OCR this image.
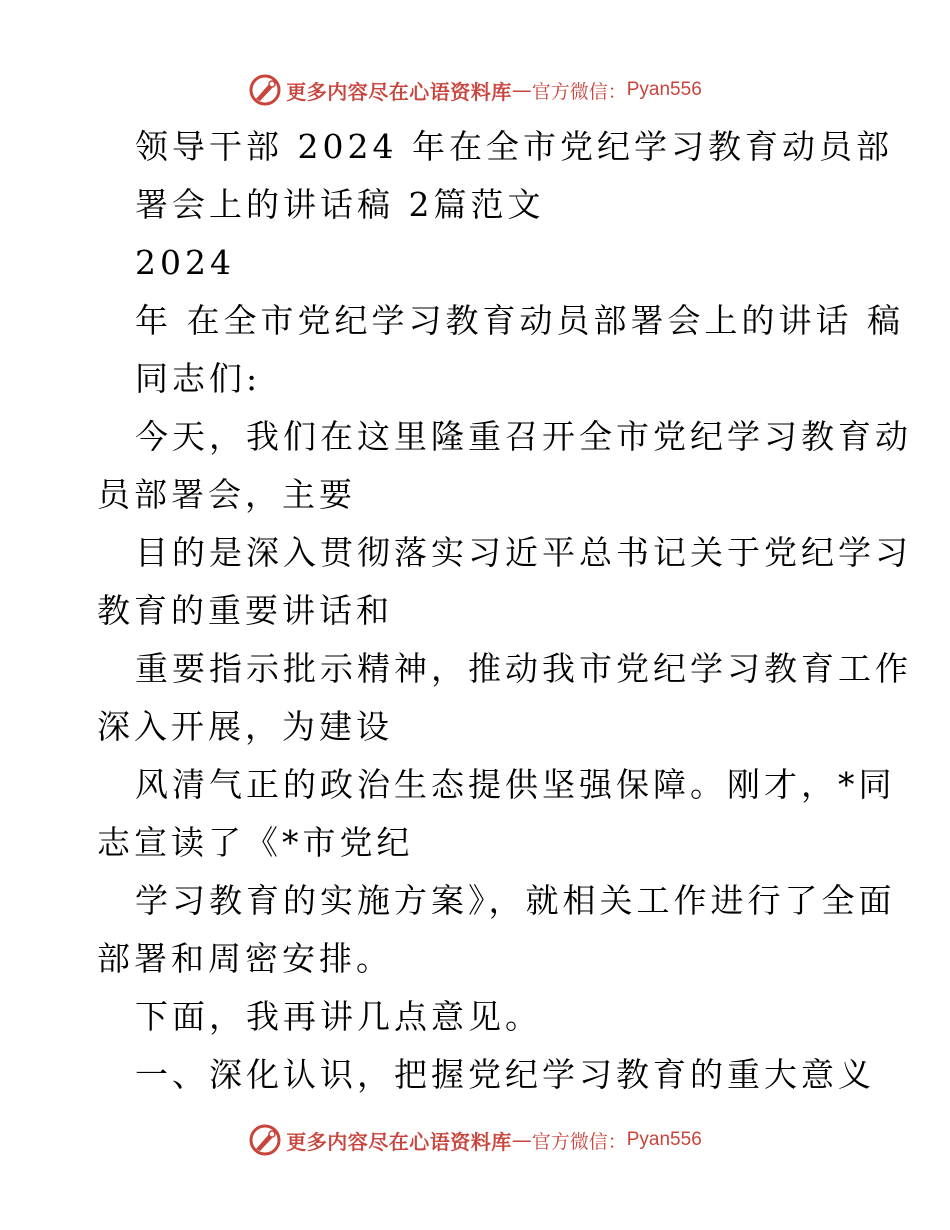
更多内容尽在心语资料库 — 官方微信： Pyan556
领导干部 2024 年在全市党纪学习教育动员部
署会上的讲话稿 2篇范文
2024
年 在全市党纪学习教育动员部署会上的讲话 稿
同志们:
今天，我们在这里隆重召开全市党纪学习教育动
员部署会，主要
目的是深入贯彻落实习近平总书记关于党纪学习
教育的重要讲话和
重要指示批示精神，推动我市党纪学习教育工作
深入开展，为建设
风清气正的政治生态提供坚强保障。刚才，*同
志宣读了《*市党纪
学习教育的实施方案》，就相关工作进行了全面
部署和周密安排。
下面，我再讲几点意见。
一、深化认识，把握党纪学习教育的重大意义
更多内容尽在心语资料库 — 官方微信： Pyan556
